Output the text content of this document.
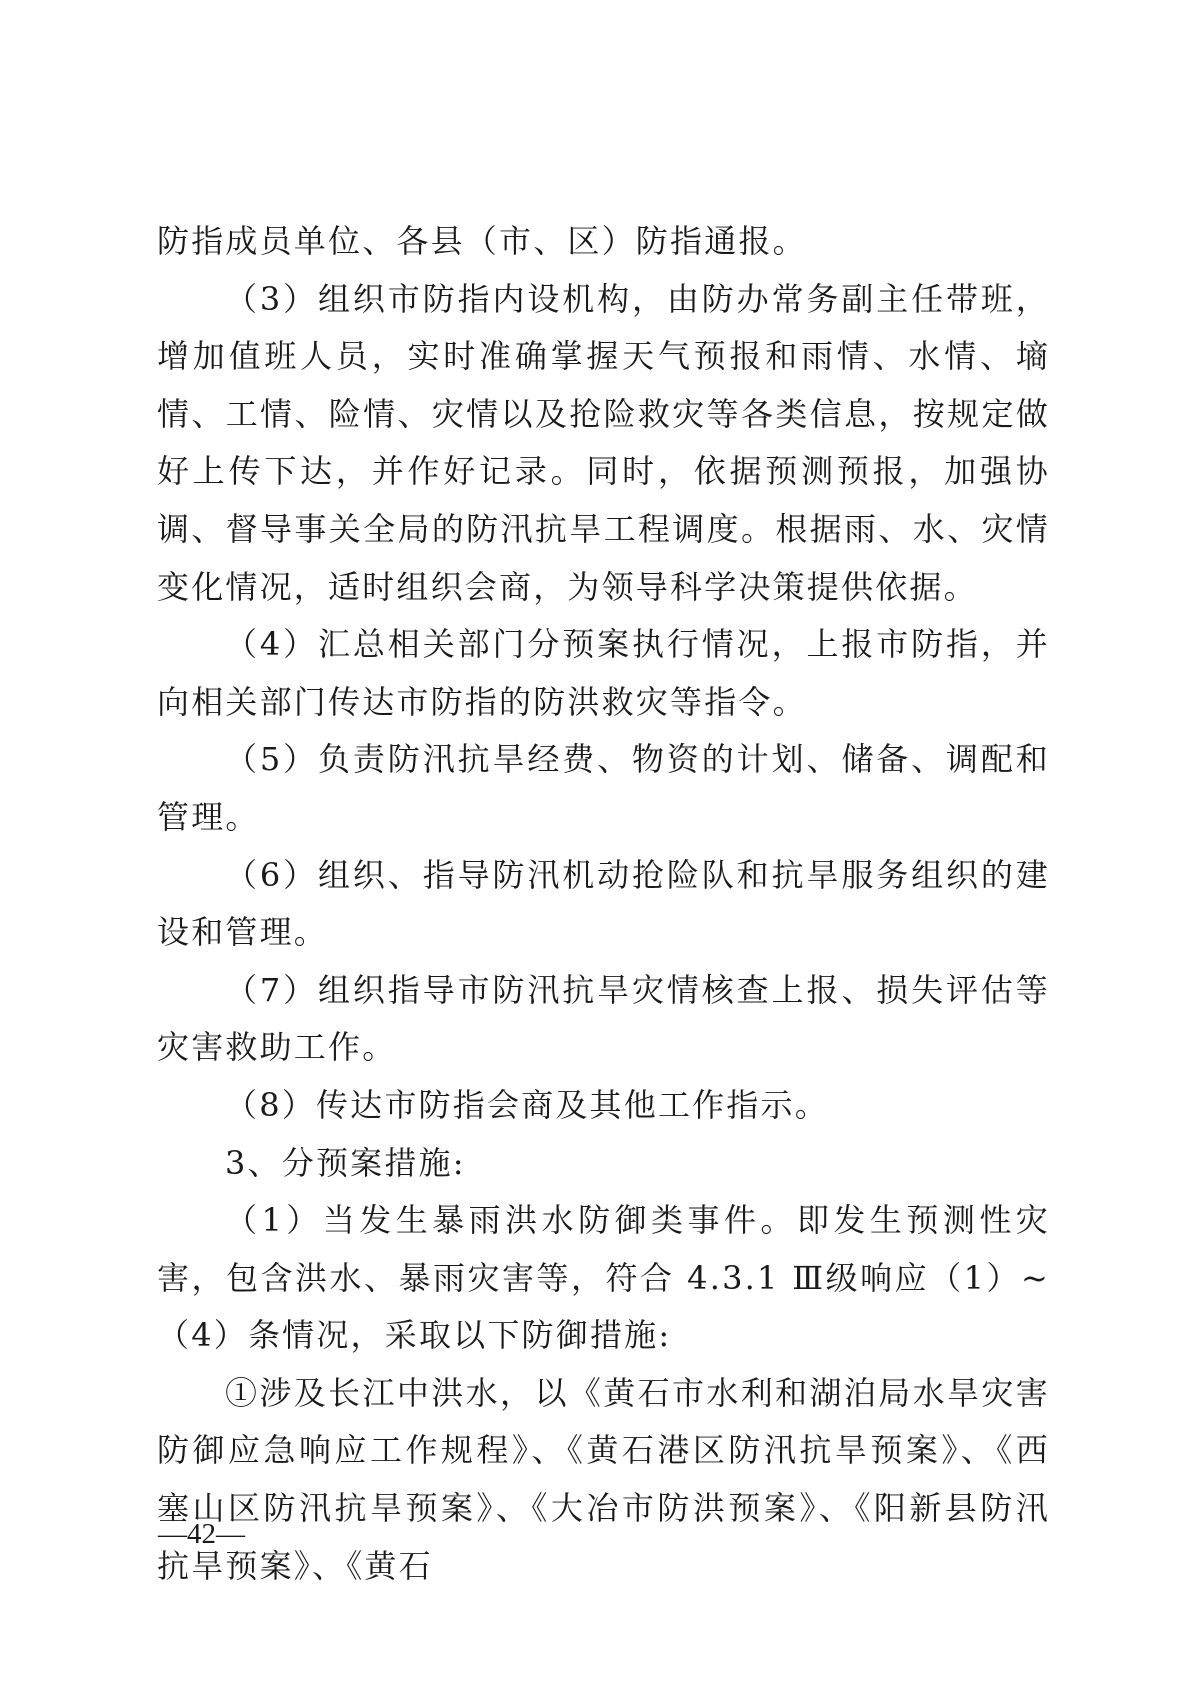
防指成员单位、各县（市、区）防指通报。

（3）组织市防指内设机构，由防办常务副主任带班，增加值班人员，实时准确掌握天气预报和雨情、水情、墒情、工情、险情、灾情以及抢险救灾等各类信息，按规定做好上传下达，并作好记录。同时，依据预测预报，加强协调、督导事关全局的防汛抗旱工程调度。根据雨、水、灾情变化情况，适时组织会商，为领导科学决策提供依据。

（4）汇总相关部门分预案执行情况，上报市防指，并向相关部门传达市防指的防洪救灾等指令。

（5）负责防汛抗旱经费、物资的计划、储备、调配和管理。

（6）组织、指导防汛机动抢险队和抗旱服务组织的建设和管理。

（7）组织指导市防汛抗旱灾情核查上报、损失评估等灾害救助工作。

（8）传达市防指会商及其他工作指示。

3、分预案措施:

（1）当发生暴雨洪水防御类事件。即发生预测性灾害，包含洪水、暴雨灾害等，符合 4.3.1 Ⅲ级响应（1）~（4）条情况，采取以下防御措施:

①涉及长江中洪水，以《黄石市水利和湖泊局水旱灾害防御应急响应工作规程》、《黄石港区防汛抗旱预案》、《西塞山区防汛抗旱预案》、《大冶市防洪预案》、《阳新县防汛抗旱预案》、《黄石

—42—
